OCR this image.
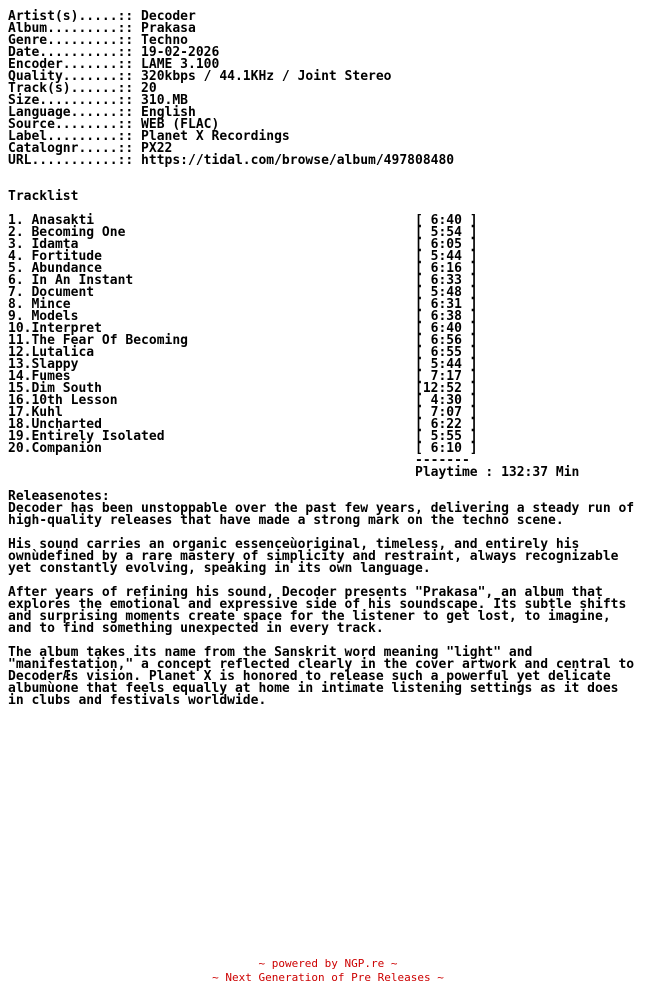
Artist(s).....:: Decoder
Album.........:: Prakasa
Genre.........:: Techno
Date..........:: 19-02-2026
Encoder.......:: LAME 3.100
Quality.......:: 320kbps / 44.1KHz / Joint Stereo
Track(s)......:: 20
Size..........:: 310.MB
Language......:: English
Source........:: WEB (FLAC)
Label.........:: Planet X Recordings
Catalognr.....:: PX22
URL...........:: https://tidal.com/browse/album/497808480

Tracklist

1. Anasakti                                         [ 6:40 ]
2. Becoming One                                     [ 5:54 ]
3. Idamta                                           [ 6:05 ]
4. Fortitude                                        [ 5:44 ]
5. Abundance                                        [ 6:16 ]
6. In An Instant                                    [ 6:33 ]
7. Document                                         [ 5:48 ]
8. Mince                                            [ 6:31 ]
9. Models                                           [ 6:38 ]
10.Interpret                                        [ 6:40 ]
11.The Fear Of Becoming                             [ 6:56 ]
12.Lutalica                                         [ 6:55 ]
13.Slappy                                           [ 5:44 ]
14.Fumes                                            [ 7:17 ]
15.Dim South                                        [12:52 ]
16.10th Lesson                                      [ 4:30 ]
17.Kuhl                                             [ 7:07 ]
18.Uncharted                                        [ 6:22 ]
19.Entirely Isolated                                [ 5:55 ]
20.Companion                                        [ 6:10 ]
-------
Playtime : 132:37 Min

Releasenotes:
Decoder has been unstoppable over the past few years, delivering a steady run of
high-quality releases that have made a strong mark on the techno scene.

His sound carries an organic essenceùoriginal, timeless, and entirely his
ownùdefined by a rare mastery of simplicity and restraint, always recognizable
yet constantly evolving, speaking in its own language.

After years of refining his sound, Decoder presents "Prakasa", an album that
explores the emotional and expressive side of his soundscape. Its subtle shifts
and surprising moments create space for the listener to get lost, to imagine,
and to find something unexpected in every track.

The album takes its name from the Sanskrit word meaning "light" and
"manifestation," a concept reflected clearly in the cover artwork and central to
DecoderÆs vision. Planet X is honored to release such a powerful yet delicate
albumùone that feels equally at home in intimate listening settings as it does
in clubs and festivals worldwide.
~ powered by NGP.re ~
~ Next Generation of Pre Releases ~
